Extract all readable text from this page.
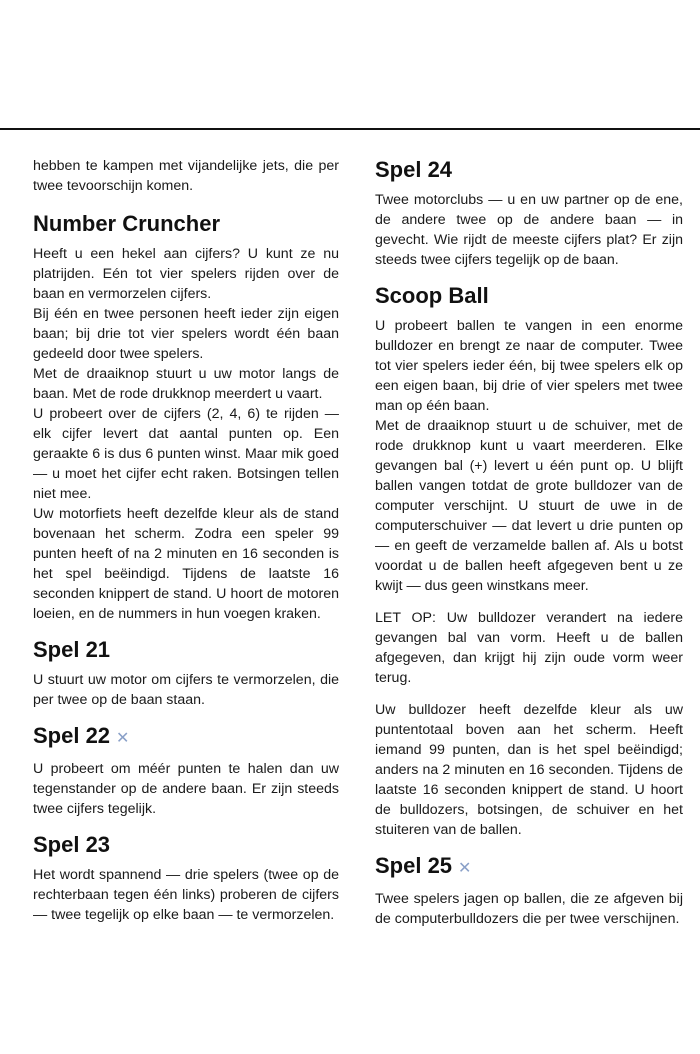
hebben te kampen met vijandelijke jets, die per twee tevoorschijn komen.

Number Cruncher

Heeft u een hekel aan cijfers? U kunt ze nu platrijden. Eén tot vier spelers rijden over de baan en vermorzelen cijfers.

Bij één en twee personen heeft ieder zijn eigen baan; bij drie tot vier spelers wordt één baan gedeeld door twee spelers.

Met de draaiknop stuurt u uw motor langs de baan. Met de rode drukknop meerdert u vaart.

U probeert over de cijfers (2, 4, 6) te rijden — elk cijfer levert dat aantal punten op. Een geraakte 6 is dus 6 punten winst. Maar mik goed — u moet het cijfer echt raken. Botsingen tellen niet mee.

Uw motorfiets heeft dezelfde kleur als de stand bovenaan het scherm. Zodra een speler 99 punten heeft of na 2 minuten en 16 seconden is het spel beëindigd. Tijdens de laatste 16 seconden knippert de stand. U hoort de motoren loeien, en de nummers in hun voegen kraken.

Spel 21

U stuurt uw motor om cijfers te vermorzelen, die per twee op de baan staan.

Spel 22 ✕

U probeert om méér punten te halen dan uw tegenstander op de andere baan. Er zijn steeds twee cijfers tegelijk.

Spel 23

Het wordt spannend — drie spelers (twee op de rechterbaan tegen één links) proberen de cijfers — twee tegelijk op elke baan — te vermorzelen.

Spel 24

Twee motorclubs — u en uw partner op de ene, de andere twee op de andere baan — in gevecht. Wie rijdt de meeste cijfers plat? Er zijn steeds twee cijfers tegelijk op de baan.

Scoop Ball

U probeert ballen te vangen in een enorme bulldozer en brengt ze naar de computer. Twee tot vier spelers ieder één, bij twee spelers elk op een eigen baan, bij drie of vier spelers met twee man op één baan.

Met de draaiknop stuurt u de schuiver, met de rode drukknop kunt u vaart meerderen. Elke gevangen bal (+) levert u één punt op. U blijft ballen vangen totdat de grote bulldozer van de computer verschijnt. U stuurt de uwe in de computerschuiver — dat levert u drie punten op — en geeft de verzamelde ballen af. Als u botst voordat u de ballen heeft afgegeven bent u ze kwijt — dus geen winstkans meer.

LET OP: Uw bulldozer verandert na iedere gevangen bal van vorm. Heeft u de ballen afgegeven, dan krijgt hij zijn oude vorm weer terug.

Uw bulldozer heeft dezelfde kleur als uw puntentotaal boven aan het scherm. Heeft iemand 99 punten, dan is het spel beëindigd; anders na 2 minuten en 16 seconden. Tijdens de laatste 16 seconden knippert de stand. U hoort de bulldozers, botsingen, de schuiver en het stuiteren van de ballen.

Spel 25 ✕

Twee spelers jagen op ballen, die ze afgeven bij de computerbulldozers die per twee verschijnen.
